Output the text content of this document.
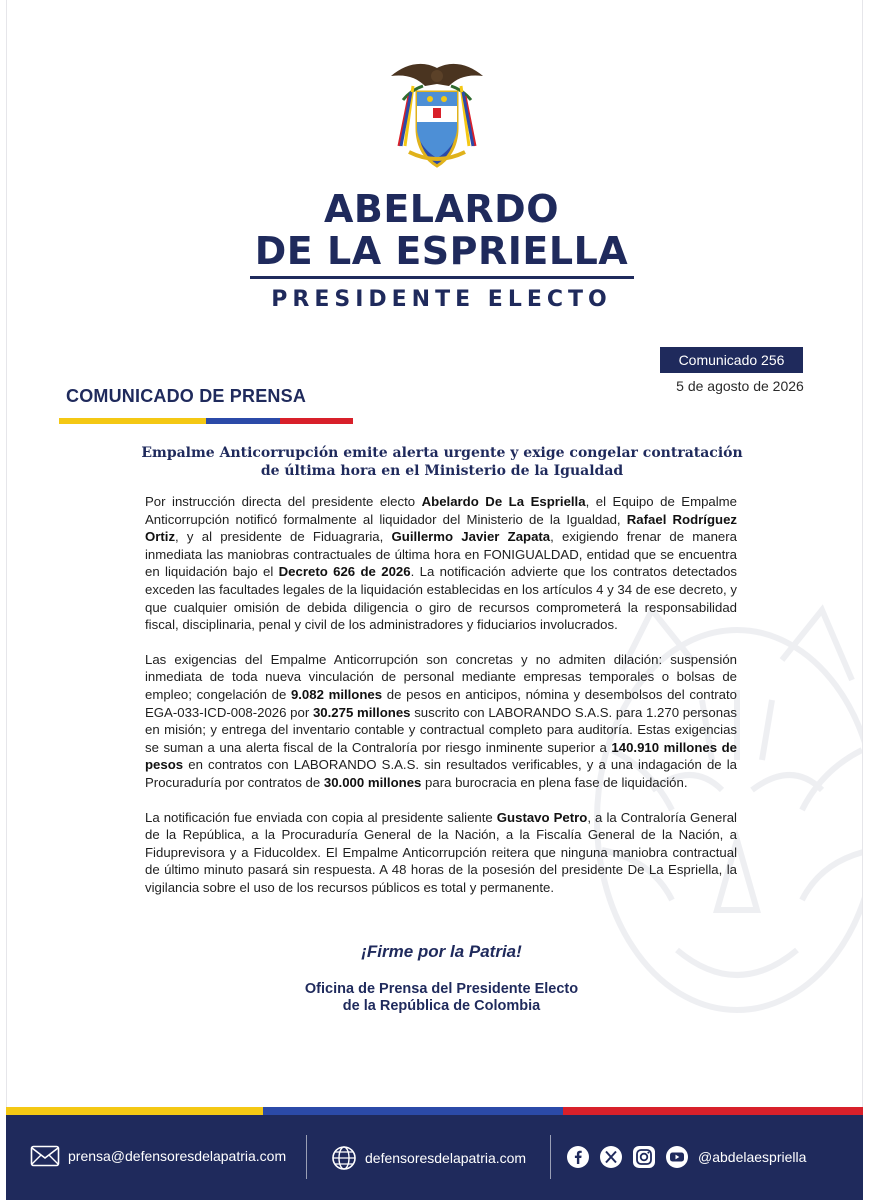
ABELARDO
DE LA ESPRIELLA
PRESIDENTE ELECTO
Comunicado 256
5 de agosto de 2026
COMUNICADO DE PRENSA
Empalme Anticorrupción emite alerta urgente y exige congelar contratación
de última hora en el Ministerio de la Igualdad

Por instrucción directa del presidente electo Abelardo De La Espriella, el Equipo de Empalme Anticorrupción notificó formalmente al liquidador del Ministerio de la Igualdad, Rafael Rodríguez Ortiz, y al presidente de Fiduagraria, Guillermo Javier Zapata, exigiendo frenar de manera inmediata las maniobras contractuales de última hora en FONIGUALDAD, entidad que se encuentra en liquidación bajo el Decreto 626 de 2026. La notificación advierte que los contratos detectados exceden las facultades legales de la liquidación establecidas en los artículos 4 y 34 de ese decreto, y que cualquier omisión de debida diligencia o giro de recursos comprometerá la responsabilidad fiscal, disciplinaria, penal y civil de los administradores y fiduciarios involucrados.

Las exigencias del Empalme Anticorrupción son concretas y no admiten dilación: suspensión inmediata de toda nueva vinculación de personal mediante empresas temporales o bolsas de empleo; congelación de 9.082 millones de pesos en anticipos, nómina y desembolsos del contrato EGA-033-ICD-008-2026 por 30.275 millones suscrito con LABORANDO S.A.S. para 1.270 personas en misión; y entrega del inventario contable y contractual completo para auditoría. Estas exigencias se suman a una alerta fiscal de la Contraloría por riesgo inminente superior a 140.910 millones de pesos en contratos con LABORANDO S.A.S. sin resultados verificables, y a una indagación de la Procuraduría por contratos de 30.000 millones para burocracia en plena fase de liquidación.

La notificación fue enviada con copia al presidente saliente Gustavo Petro, a la Contraloría General de la República, a la Procuraduría General de la Nación, a la Fiscalía General de la Nación, a Fiduprevisora y a Fiducoldex. El Empalme Anticorrupción reitera que ninguna maniobra contractual de último minuto pasará sin respuesta. A 48 horas de la posesión del presidente De La Espriella, la vigilancia sobre el uso de los recursos públicos es total y permanente.

¡Firme por la Patria!
Oficina de Prensa del Presidente Electo
de la República de Colombia
prensa@defensoresdelapatria.com	defensoresdelapatria.com	@abdelaespriella
